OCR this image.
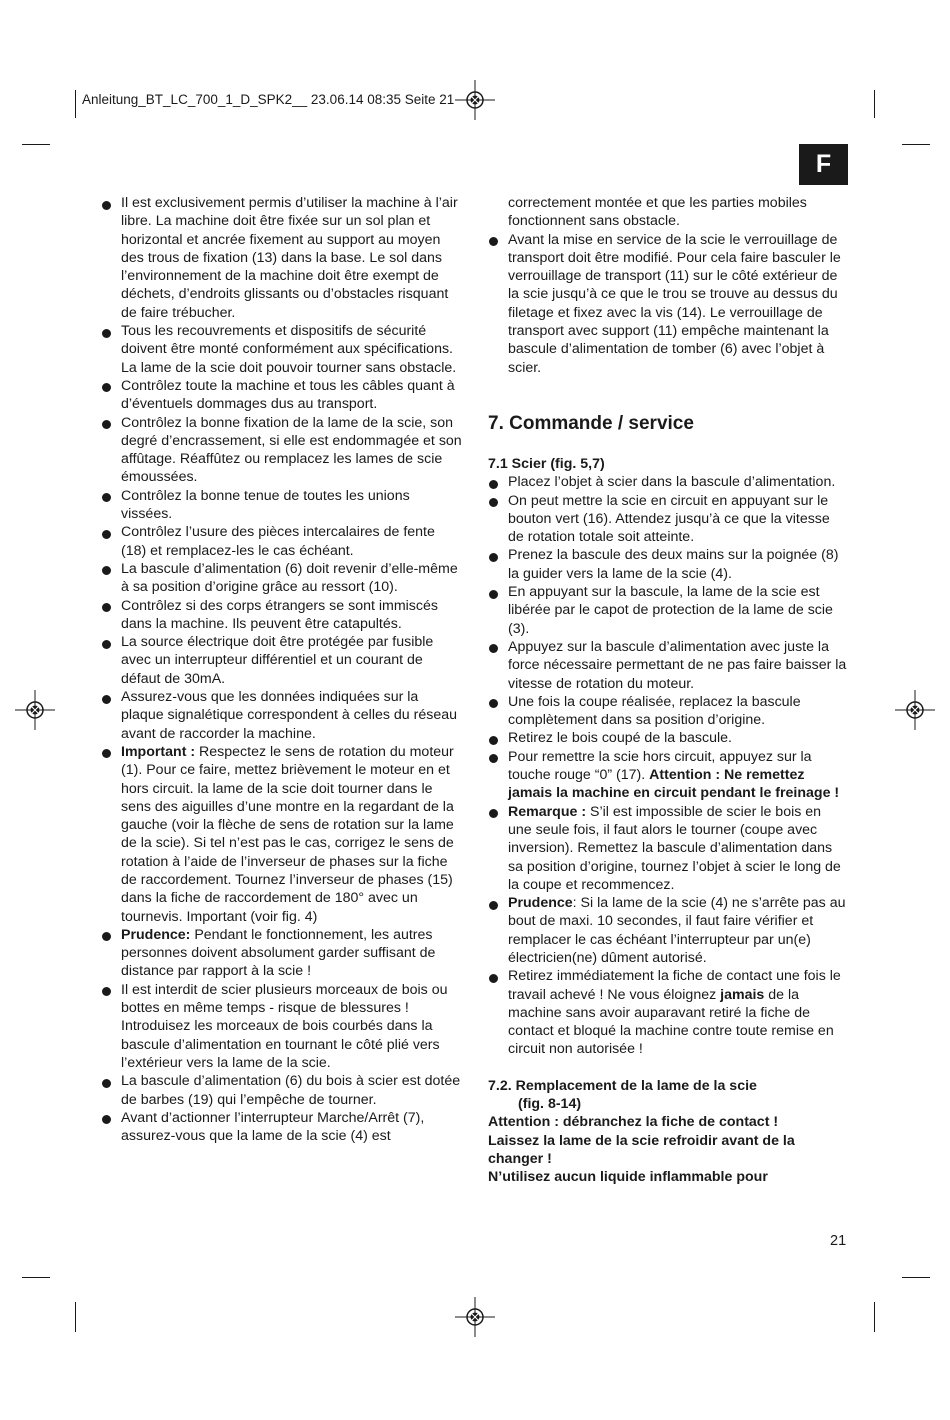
Anleitung_BT_LC_700_1_D_SPK2__ 23.06.14 08:35 Seite 21
F
Il est exclusivement permis d’utiliser la machine à l’air libre. La machine doit être fixée sur un sol plan et horizontal et ancrée fixement au support au moyen des trous de fixation (13) dans la base. Le sol dans l’environnement de la machine doit être exempt de déchets, d’endroits glissants ou d’obstacles risquant de faire trébucher.
Tous les recouvrements et dispositifs de sécurité doivent être monté conformément aux spécifications. La lame de la scie doit pouvoir tourner sans obstacle.
Contrôlez toute la machine et tous les câbles quant à d’éventuels dommages dus au transport.
Contrôlez la bonne fixation de la lame de la scie, son degré d’encrassement, si elle est endommagée et son affûtage. Réaffûtez ou remplacez les lames de scie émoussées.
Contrôlez la bonne tenue de toutes les unions vissées.
Contrôlez l’usure des pièces intercalaires de fente (18) et remplacez-les le cas échéant.
La bascule d’alimentation (6) doit revenir d’elle-même à sa position d’origine grâce au ressort (10).
Contrôlez si des corps étrangers se sont immiscés dans la machine. Ils peuvent être catapultés.
La source électrique doit être protégée par fusible avec un interrupteur différentiel et un courant de défaut de 30mA.
Assurez-vous que les données indiquées sur la plaque signalétique correspondent à celles du réseau avant de raccorder la machine.
Important : Respectez le sens de rotation du moteur (1). Pour ce faire, mettez brièvement le moteur en et hors circuit. la lame de la scie doit tourner dans le sens des aiguilles d’une montre en la regardant de la gauche (voir la flèche de sens de rotation sur la lame de la scie). Si tel n’est pas le cas, corrigez le sens de rotation à l’aide de l’inverseur de phases sur la fiche de raccordement. Tournez l’inverseur de phases (15) dans la fiche de raccordement de 180° avec un tournevis. Important (voir fig. 4)
Prudence: Pendant le fonctionnement, les autres personnes doivent absolument garder suffisant de distance par rapport à la scie !
Il est interdit de scier plusieurs morceaux de bois ou bottes en même temps - risque de blessures ! Introduisez les morceaux de bois courbés dans la bascule d’alimentation en tournant le côté plié vers l’extérieur vers la lame de la scie.
La bascule d’alimentation (6) du bois à scier est dotée de barbes (19) qui l’empêche de tourner.
Avant d’actionner l’interrupteur Marche/Arrêt (7), assurez-vous que la lame de la scie (4) est
correctement montée et que les parties mobiles fonctionnent sans obstacle.
Avant la mise en service de la scie le verrouillage de transport doit être modifié. Pour cela faire basculer le verrouillage de transport (11) sur le côté extérieur de la scie jusqu’à ce que le trou se trouve au dessus du filetage et fixez avec la vis (14). Le verrouillage de transport avec support (11) empêche maintenant la bascule d’alimentation de tomber (6) avec l’objet à scier.
7. Commande / service

7.1 Scier (fig. 5,7)

Placez l’objet à scier dans la bascule d’alimentation.
On peut mettre la scie en circuit en appuyant sur le bouton vert (16). Attendez jusqu’à ce que la vitesse de rotation totale soit atteinte.
Prenez la bascule des deux mains sur la poignée (8) la guider vers la lame de la scie (4).
En appuyant sur la bascule, la lame de la scie est libérée par le capot de protection de la lame de scie (3).
Appuyez sur la bascule d’alimentation avec juste la force nécessaire permettant de ne pas faire baisser la vitesse de rotation du moteur.
Une fois la coupe réalisée, replacez la bascule complètement dans sa position d’origine.
Retirez le bois coupé de la bascule.
Pour remettre la scie hors circuit, appuyez sur la touche rouge “0” (17). Attention : Ne remettez jamais la machine en circuit pendant le freinage !
Remarque : S’il est impossible de scier le bois en une seule fois, il faut alors le tourner (coupe avec inversion). Remettez la bascule d’alimentation dans sa position d’origine, tournez l’objet à scier le long de la coupe et recommencez.
Prudence: Si la lame de la scie (4) ne s’arrête pas au bout de maxi. 10 secondes, il faut faire vérifier et remplacer le cas échéant l’interrupteur par un(e) électricien(ne) dûment autorisé.
Retirez immédiatement la fiche de contact une fois le travail achevé ! Ne vous éloignez jamais de la machine sans avoir auparavant retiré la fiche de contact et bloqué la machine contre toute remise en circuit non autorisée !

7.2. Remplacement de la lame de la scie

(fig. 8-14)

Attention : débranchez la fiche de contact !

Laissez la lame de la scie refroidir avant de la changer !

N’utilisez aucun liquide inflammable pour

21
